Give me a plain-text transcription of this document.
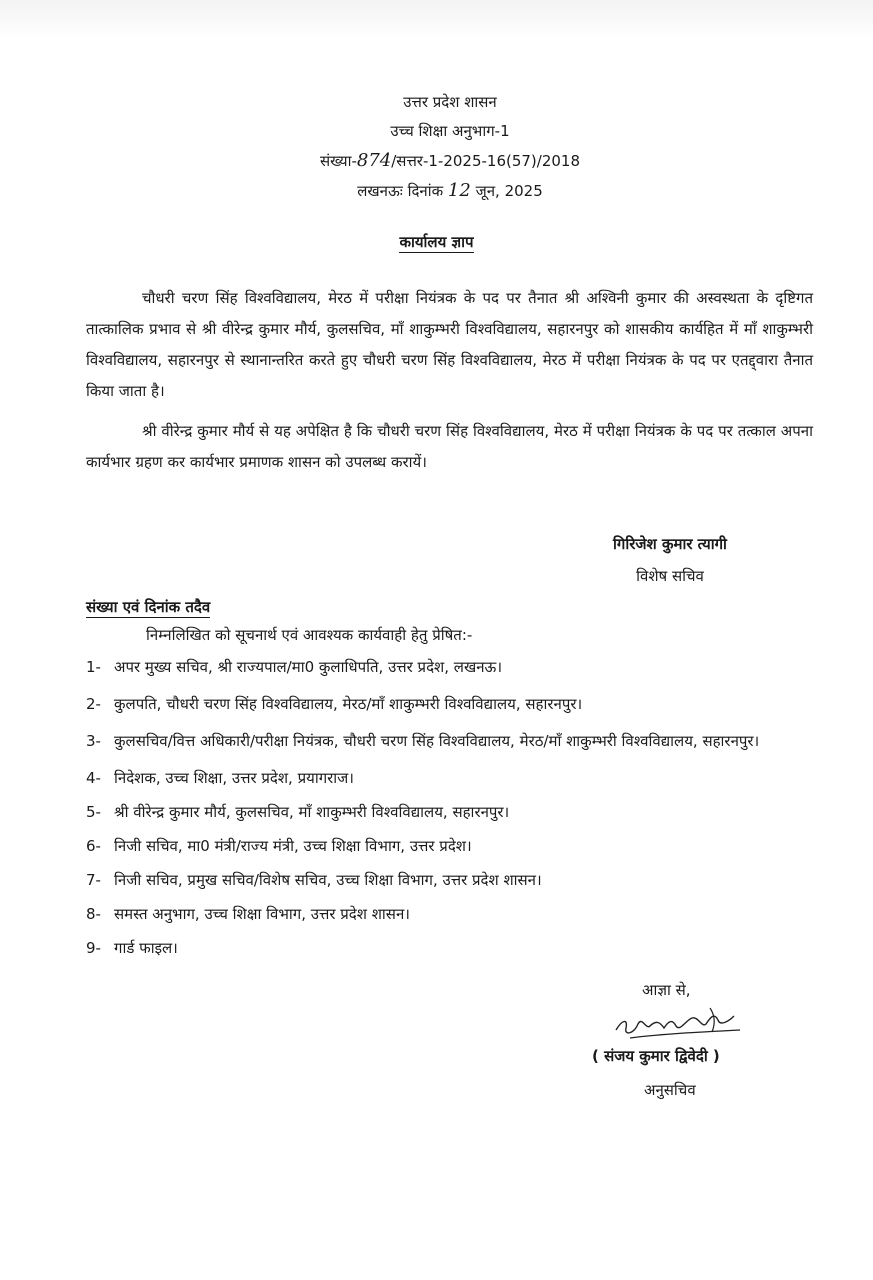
उत्तर प्रदेश शासन
उच्च शिक्षा अनुभाग-1
संख्या-874/सत्तर-1-2025-16(57)/2018
लखनऊः दिनांक 12 जून, 2025
कार्यालय ज्ञाप

चौधरी चरण सिंह विश्वविद्यालय, मेरठ में परीक्षा नियंत्रक के पद पर तैनात श्री अश्विनी कुमार की अस्वस्थता के दृष्टिगत तात्कालिक प्रभाव से श्री वीरेन्द्र कुमार मौर्य, कुलसचिव, माँ शाकुम्भरी विश्वविद्यालय, सहारनपुर को शासकीय कार्यहित में माँ शाकुम्भरी विश्वविद्यालय, सहारनपुर से स्थानान्तरित करते हुए चौधरी चरण सिंह विश्वविद्यालय, मेरठ में परीक्षा नियंत्रक के पद पर एतद्द्वारा तैनात किया जाता है।

श्री वीरेन्द्र कुमार मौर्य से यह अपेक्षित है कि चौधरी चरण सिंह विश्वविद्यालय, मेरठ में परीक्षा नियंत्रक के पद पर तत्काल अपना कार्यभार ग्रहण कर कार्यभार प्रमाणक शासन को उपलब्ध करायें।

गिरिजेश कुमार त्यागी
विशेष सचिव
संख्या एवं दिनांक तदैव
निम्नलिखित को सूचनार्थ एवं आवश्यक कार्यवाही हेतु प्रेषित:-
1- अपर मुख्य सचिव, श्री राज्यपाल/मा0 कुलाधिपति, उत्तर प्रदेश, लखनऊ।
2- कुलपति, चौधरी चरण सिंह विश्वविद्यालय, मेरठ/माँ शाकुम्भरी विश्वविद्यालय, सहारनपुर।
3- कुलसचिव/वित्त अधिकारी/परीक्षा नियंत्रक, चौधरी चरण सिंह विश्वविद्यालय, मेरठ/माँ शाकुम्भरी विश्वविद्यालय, सहारनपुर।
4- निदेशक, उच्च शिक्षा, उत्तर प्रदेश, प्रयागराज।
5- श्री वीरेन्द्र कुमार मौर्य, कुलसचिव, माँ शाकुम्भरी विश्वविद्यालय, सहारनपुर।
6- निजी सचिव, मा0 मंत्री/राज्य मंत्री, उच्च शिक्षा विभाग, उत्तर प्रदेश।
7- निजी सचिव, प्रमुख सचिव/विशेष सचिव, उच्च शिक्षा विभाग, उत्तर प्रदेश शासन।
8- समस्त अनुभाग, उच्च शिक्षा विभाग, उत्तर प्रदेश शासन।
9- गार्ड फाइल।
आज्ञा से,
( संजय कुमार द्विवेदी )
अनुसचिव
